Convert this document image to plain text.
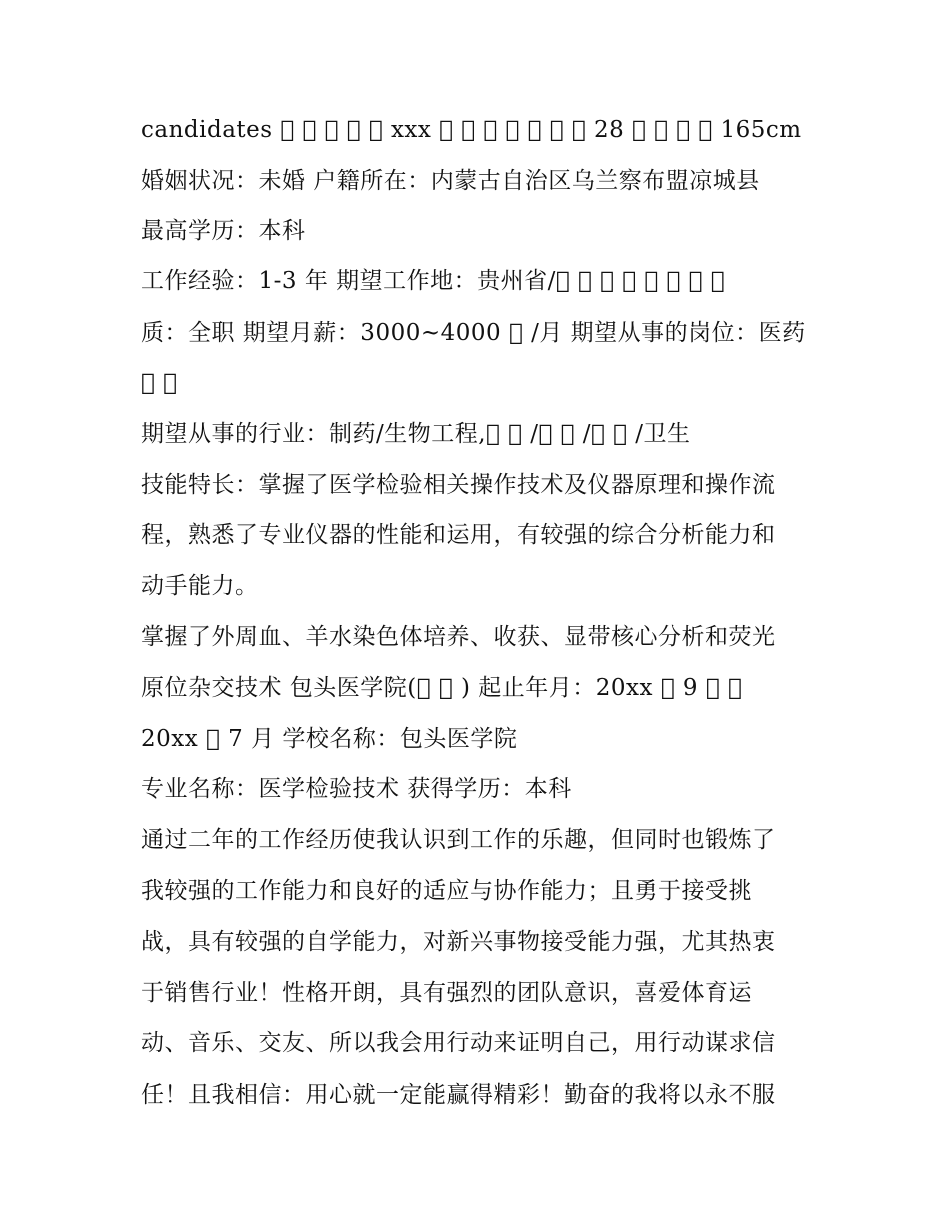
candidates           xxx               28         165cm
婚姻状况：未婚 户籍所在：内蒙古自治区乌兰察布盟凉城县
最高学历：本科
工作经验：1-3 年 期望工作地：贵州省/               
质：全职 期望月薪：3000~4000   /月 期望从事的岗位：医药
   
期望从事的行业：制药/生物工程,    /    /    /卫生
技能特长：掌握了医学检验相关操作技术及仪器原理和操作流
程，熟悉了专业仪器的性能和运用，有较强的综合分析能力和
动手能力。
掌握了外周血、羊水染色体培养、收获、显带核心分析和荧光
原位杂交技术 包头医学院(    ) 起止年月：20xx   9    
20xx   7 月 学校名称：包头医学院
专业名称：医学检验技术 获得学历：本科
通过二年的工作经历使我认识到工作的乐趣，但同时也锻炼了
我较强的工作能力和良好的适应与协作能力；且勇于接受挑
战，具有较强的自学能力，对新兴事物接受能力强，尤其热衷
于销售行业！性格开朗，具有强烈的团队意识，喜爱体育运
动、音乐、交友、所以我会用行动来证明自己，用行动谋求信
任！且我相信：用心就一定能赢得精彩！勤奋的我将以永不服
